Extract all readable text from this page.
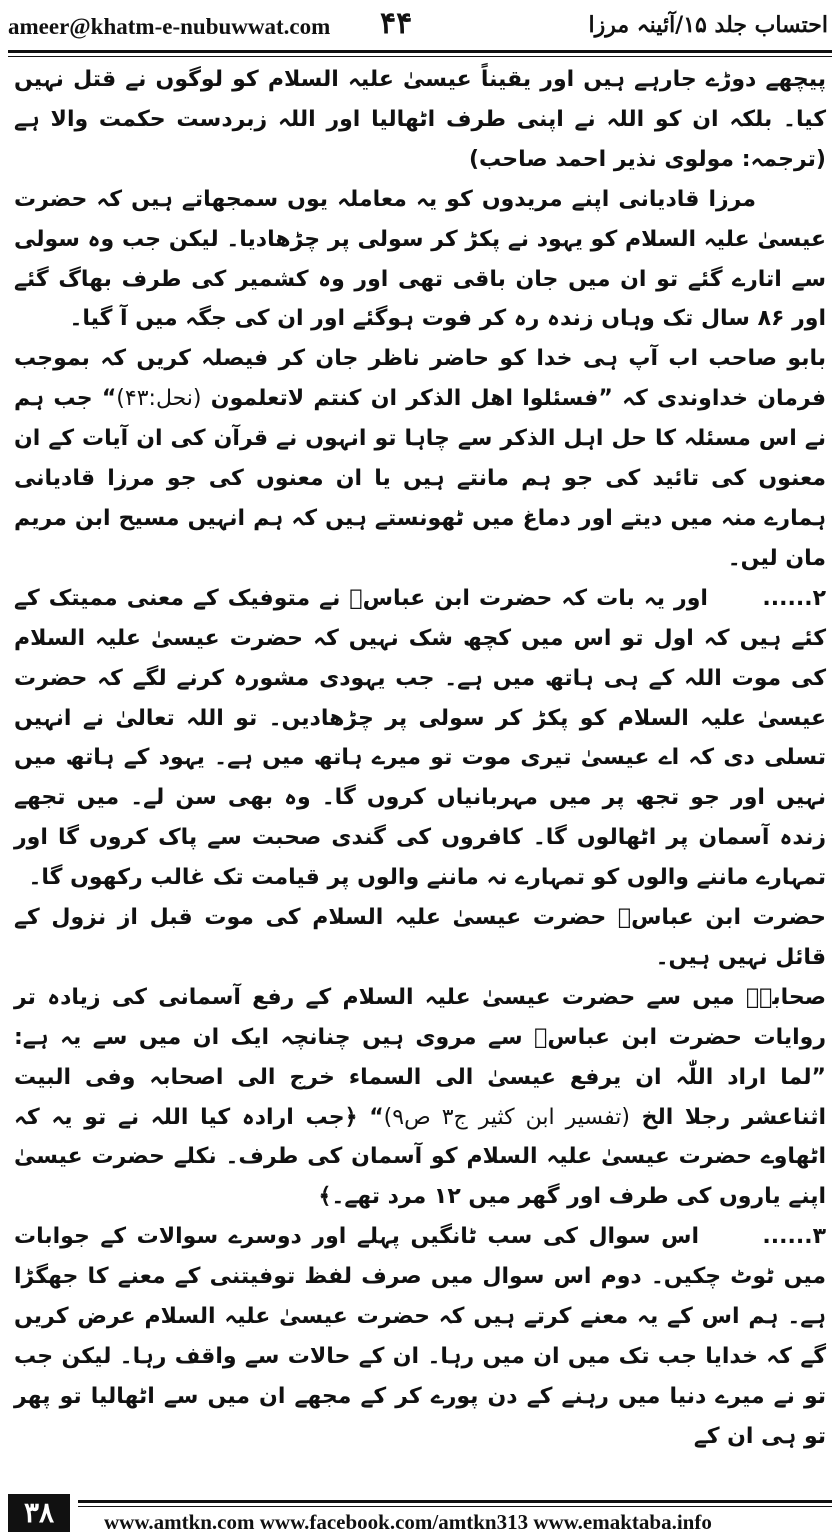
ameer@khatm-e-nubuwwat.com ۴۴	احتساب جلد ۱۵/آئینہ مرزا

پیچھے دوڑے جارہے ہیں اور یقیناً عیسیٰ علیہ السلام کو لوگوں نے قتل نہیں کیا۔ بلکہ ان کو اللہ نے اپنی طرف اٹھالیا اور اللہ زبردست حکمت والا ہے (ترجمہ: مولوی نذیر احمد صاحب)

مرزا قادیانی اپنے مریدوں کو یہ معاملہ یوں سمجھاتے ہیں کہ حضرت عیسیٰ علیہ السلام کو یہود نے پکڑ کر سولی پر چڑھادیا۔ لیکن جب وہ سولی سے اتارے گئے تو ان میں جان باقی تھی اور وہ کشمیر کی طرف بھاگ گئے اور ۸۶ سال تک وہاں زندہ رہ کر فوت ہوگئے اور ان کی جگہ میں آ گیا۔

بابو صاحب اب آپ ہی خدا کو حاضر ناظر جان کر فیصلہ کریں کہ بموجب فرمان خداوندی کہ ”فسئلوا اھل الذکر ان کنتم لاتعلمون (نحل:۴۳)“ جب ہم نے اس مسئلہ کا حل اہل الذکر سے چاہا تو انہوں نے قرآن کی ان آیات کے ان معنوں کی تائید کی جو ہم مانتے ہیں یا ان معنوں کی جو مرزا قادیانی ہمارے منہ میں دیتے اور دماغ میں ٹھونستے ہیں کہ ہم انہیں مسیح ابن مریم مان لیں۔

۲......      اور یہ بات کہ حضرت ابن عباسؓ نے متوفیک کے معنی ممیتک کے کئے ہیں کہ اول تو اس میں کچھ شک نہیں کہ حضرت عیسیٰ علیہ السلام کی موت اللہ کے ہی ہاتھ میں ہے۔ جب یہودی مشورہ کرنے لگے کہ حضرت عیسیٰ علیہ السلام کو پکڑ کر سولی پر چڑھادیں۔ تو اللہ تعالیٰ نے انہیں تسلی دی کہ اے عیسیٰ تیری موت تو میرے ہاتھ میں ہے۔ یہود کے ہاتھ میں نہیں اور جو تجھ پر میں مہربانیاں کروں گا۔ وہ بھی سن لے۔ میں تجھے زندہ آسمان پر اٹھالوں گا۔ کافروں کی گندی صحبت سے پاک کروں گا اور تمہارے ماننے والوں کو تمہارے نہ ماننے والوں پر قیامت تک غالب رکھوں گا۔

حضرت ابن عباسؓ حضرت عیسیٰ علیہ السلام کی موت قبل از نزول کے قائل نہیں ہیں۔

صحابہؓ میں سے حضرت عیسیٰ علیہ السلام کے رفع آسمانی کی زیادہ تر روایات حضرت ابن عباسؓ سے مروی ہیں چنانچہ ایک ان میں سے یہ ہے: ”لما اراد اللّٰہ ان یرفع عیسیٰ الی السماء خرج الی اصحابہ وفی البیت اثناعشر رجلا الخ (تفسیر ابن کثیر ج۳ ص۹)“ ﴿جب ارادہ کیا اللہ نے تو یہ کہ اٹھاوے حضرت عیسیٰ علیہ السلام کو آسمان کی طرف۔ نکلے حضرت عیسیٰ اپنے یاروں کی طرف اور گھر میں ۱۲ مرد تھے۔﴾

۳......      اس سوال کی سب ٹانگیں پہلے اور دوسرے سوالات کے جوابات میں ٹوٹ چکیں۔ دوم اس سوال میں صرف لفظ توفیتنی کے معنے کا جھگڑا ہے۔ ہم اس کے یہ معنے کرتے ہیں کہ حضرت عیسیٰ علیہ السلام عرض کریں گے کہ خدایا جب تک میں ان میں رہا۔ ان کے حالات سے واقف رہا۔ لیکن جب تو نے میرے دنیا میں رہنے کے دن پورے کر کے مجھے ان میں سے اٹھالیا تو پھر تو ہی ان کے

۳۸	www.amtkn.com www.facebook.com/amtkn313 www.emaktaba.info
